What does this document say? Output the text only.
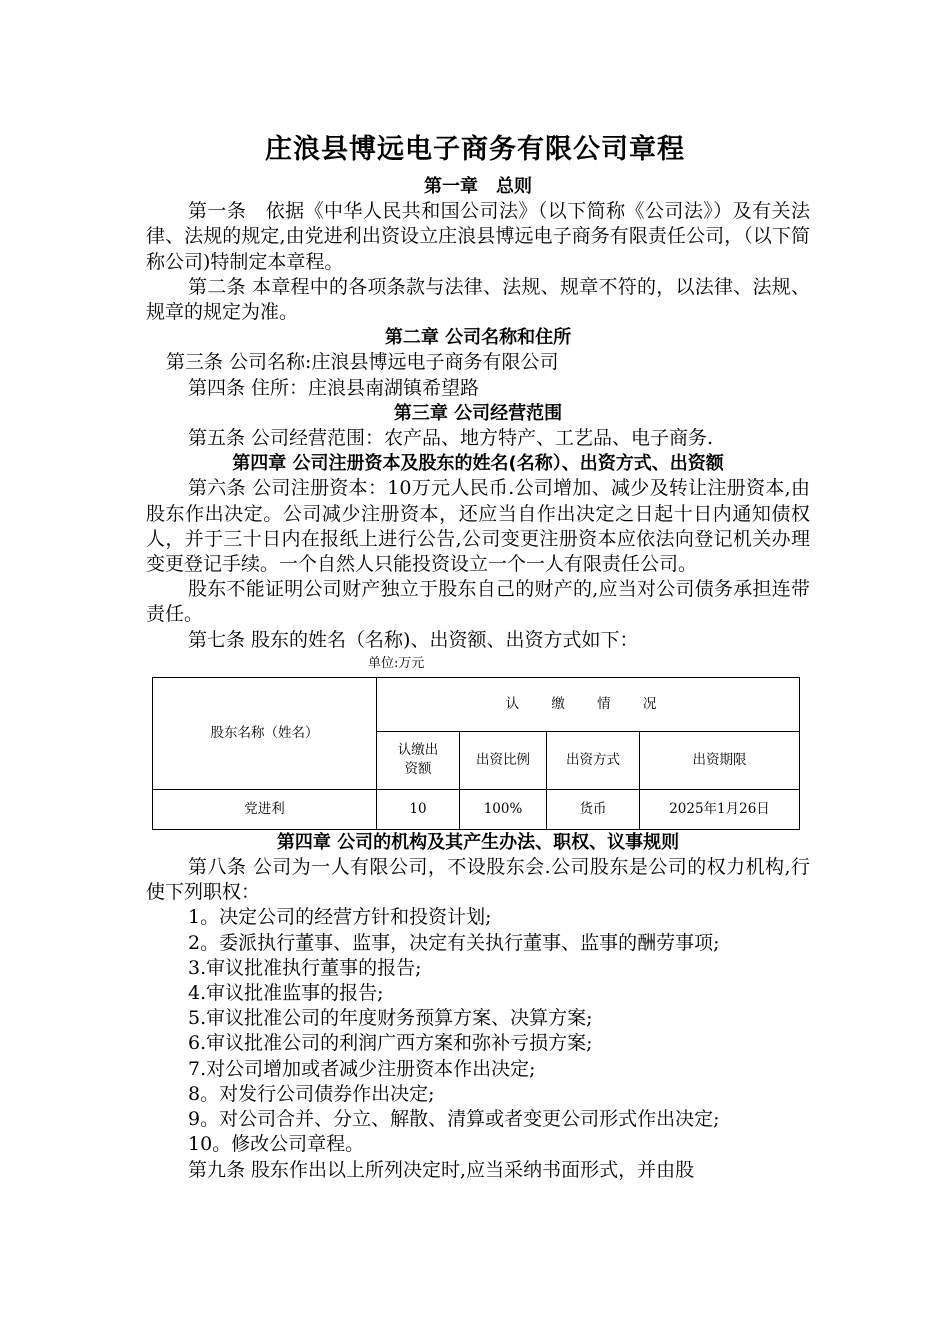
庄浪县博远电子商务有限公司章程

第一章　总则

第一条　依据《中华人民共和国公司法》（以下简称《公司法》）及有关法律、法规的规定,由党进利出资设立庄浪县博远电子商务有限责任公司，（以下简称公司)特制定本章程。

第二条 本章程中的各项条款与法律、法规、规章不符的，以法律、法规、规章的规定为准。

第二章 公司名称和住所

第三条 公司名称:庄浪县博远电子商务有限公司

第四条 住所：庄浪县南湖镇希望路

第三章 公司经营范围

第五条 公司经营范围：农产品、地方特产、工艺品、电子商务.

第四章 公司注册资本及股东的姓名(名称）、出资方式、出资额

第六条 公司注册资本：10万元人民币.公司增加、减少及转让注册资本,由股东作出决定。公司减少注册资本，还应当自作出决定之日起十日内通知债权人，并于三十日内在报纸上进行公告,公司变更注册资本应依法向登记机关办理变更登记手续。一个自然人只能投资设立一个一人有限责任公司。

股东不能证明公司财产独立于股东自己的财产的,应当对公司债务承担连带责任。

第七条 股东的姓名（名称)、出资额、出资方式如下：

单位:万元
股东名称（姓名）	认 缴 情 况			
	认缴出资额	出资比例	出资方式	出资期限
党进利	10	100%	货币	2025年1月26日

第四章 公司的机构及其产生办法、职权、议事规则

第八条 公司为一人有限公司，不设股东会.公司股东是公司的权力机构,行使下列职权：

1。决定公司的经营方针和投资计划;

2。委派执行董事、监事，决定有关执行董事、监事的酬劳事项;

3.审议批准执行董事的报告;

4.审议批准监事的报告;

5.审议批准公司的年度财务预算方案、决算方案;

6.审议批准公司的利润广西方案和弥补亏损方案;

7.对公司增加或者减少注册资本作出决定;

8。对发行公司债券作出决定;

9。对公司合并、分立、解散、清算或者变更公司形式作出决定;

10。修改公司章程。

第九条 股东作出以上所列决定时,应当采纳书面形式，并由股
